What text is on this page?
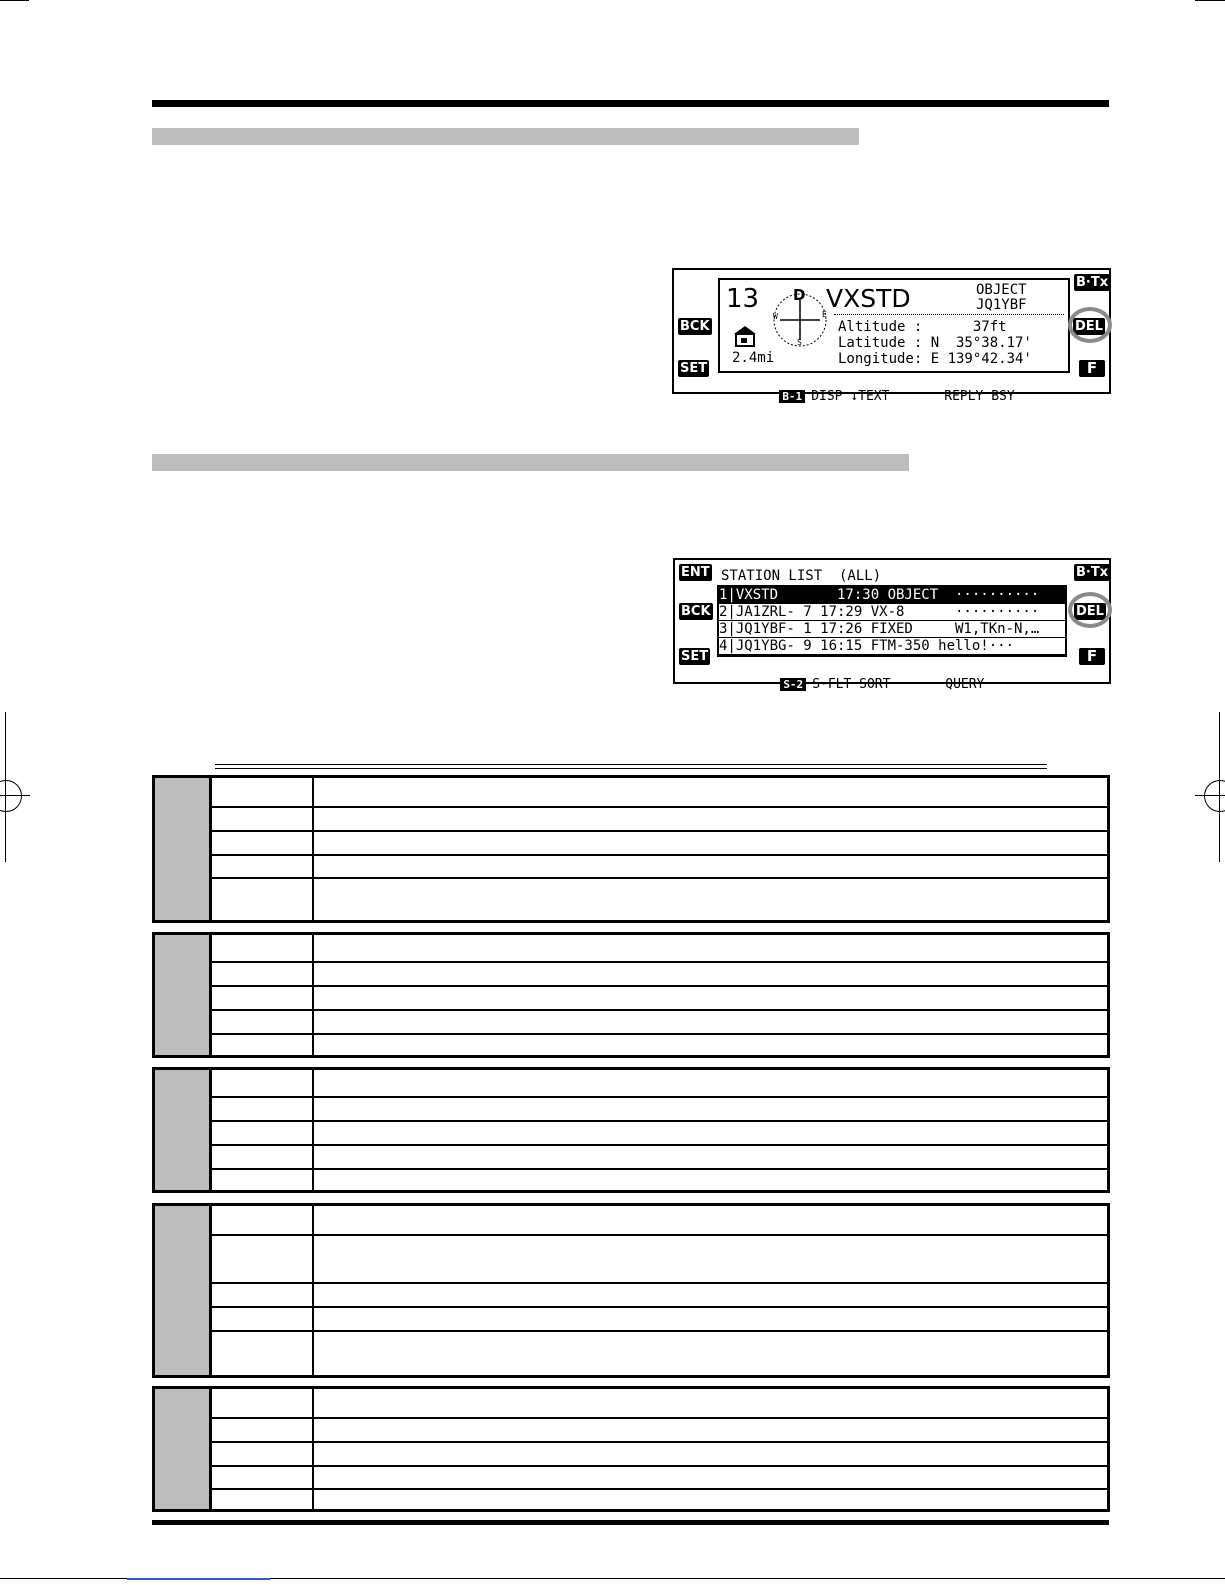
B·Tx
BCK	DEL
SET	F
13 D
W	E
S
2.4mi
VXSTD	OBJECT
JQ1YBF
Altitude :      37ft
Latitude : N  35°38.17'
Longitude: E 139°42.34'

B-1 DISP ↓TEXT       REPLY BSY

ENT	B·Tx
BCK	DEL
SET	F
STATION LIST  (ALL)
1|VXSTD       17:30 OBJECT  ··········
2|JA1ZRL- 7 17:29 VX-8      ··········
3|JQ1YBF- 1 17:26 FIXED     W1,TKn-N,…
4|JQ1YBG- 9 16:15 FTM-350 hello!···

S-2 S·FLT SORT       QUERY
